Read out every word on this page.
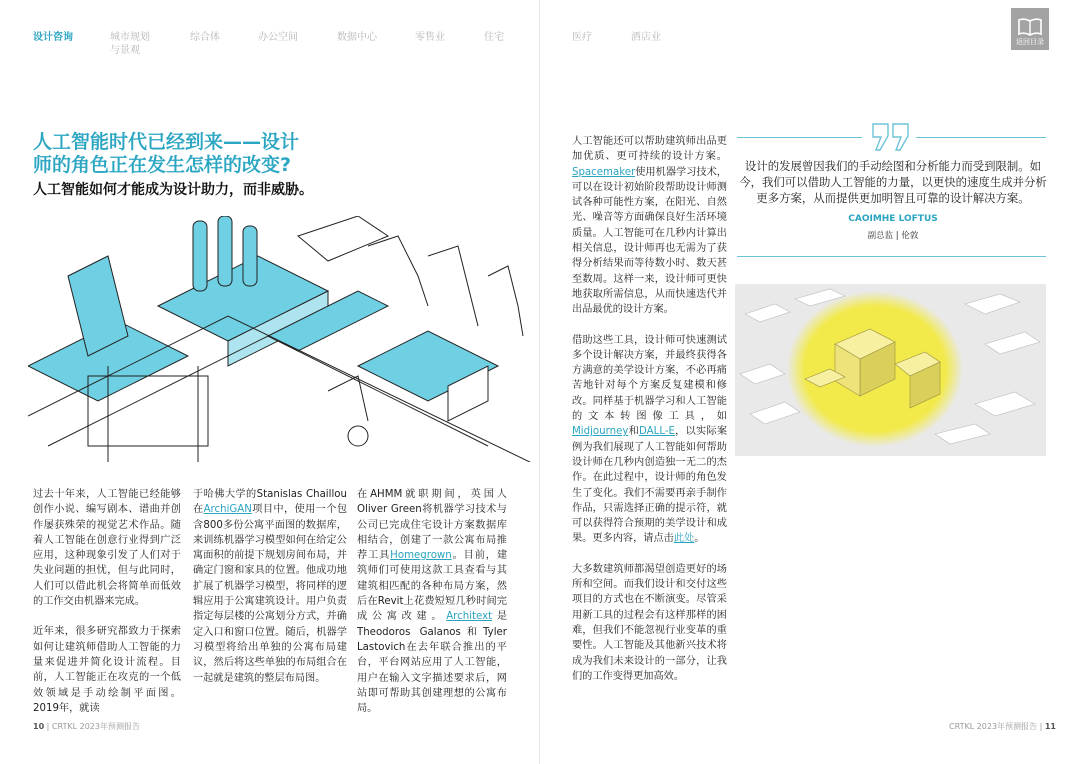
设计咨询	城市规划与景观
综合体	办公空间	数据中心	零售业	住宅	医疗	酒店业	返回目录
人工智能时代已经到来——设计师的角色正在发生怎样的改变?
人工智能如何才能成为设计助力，而非威胁。

过去十年来，人工智能已经能够创作小说、编写剧本、谱曲并创作屡获殊荣的视觉艺术作品。随着人工智能在创意行业得到广泛应用，这种现象引发了人们对于失业问题的担忧，但与此同时，人们可以借此机会将简单而低效的工作交由机器来完成。

近年来，很多研究都致力于探索如何让建筑师借助人工智能的力量来促进并简化设计流程。目前，人工智能正在攻克的一个低效领域是手动绘制平面图。2019年，就读

于哈佛大学的Stanislas Chaillou在ArchiGAN项目中，使用一个包含800多份公寓平面图的数据库，来训练机器学习模型如何在给定公寓面积的前提下规划房间布局，并确定门窗和家具的位置。他成功地扩展了机器学习模型，将同样的逻辑应用于公寓建筑设计。用户负责指定每层楼的公寓划分方式，并确定入口和窗口位置。随后，机器学习模型将给出单独的公寓布局建议，然后将这些单独的布局组合在一起就是建筑的整层布局图。

在AHMM就职期间，英国人Oliver Green将机器学习技术与公司已完成住宅设计方案数据库相结合，创建了一款公寓布局推荐工具Homegrown。目前，建筑师们可使用这款工具查看与其建筑相匹配的各种布局方案，然后在Revit上花费短短几秒时间完成公寓改建。Architext是Theodoros Galanos和Tyler Lastovich在去年联合推出的平台，平台网站应用了人工智能，用户在输入文字描述要求后，网站即可帮助其创建理想的公寓布局。

人工智能还可以帮助建筑师出品更加优质、更可持续的设计方案。Spacemaker使用机器学习技术，可以在设计初始阶段帮助设计师测试各种可能性方案，在阳光、自然光、噪音等方面确保良好生活环境质量。人工智能可在几秒内计算出相关信息，设计师再也无需为了获得分析结果而等待数小时、数天甚至数周。这样一来，设计师可更快地获取所需信息，从而快速迭代并出品最优的设计方案。

借助这些工具，设计师可快速测试多个设计解决方案，并最终获得各方满意的美学设计方案，不必再痛苦地针对每个方案反复建模和修改。同样基于机器学习和人工智能的文本转图像工具，如Midjourney和DALL-E，以实际案例为我们展现了人工智能如何帮助设计师在几秒内创造独一无二的杰作。在此过程中，设计师的角色发生了变化。我们不需要再亲手制作作品，只需选择正确的提示符，就可以获得符合预期的美学设计和成果。更多内容，请点击此处。

大多数建筑师都渴望创造更好的场所和空间。而我们设计和交付这些项目的方式也在不断演变。尽管采用新工具的过程会有这样那样的困难，但我们不能忽视行业变革的重要性。人工智能及其他新兴技术将成为我们未来设计的一部分，让我们的工作变得更加高效。

设计的发展曾因我们的手动绘图和分析能力而受到限制。如今，我们可以借助人工智能的力量，以更快的速度生成并分析更多方案，从而提供更加明智且可靠的设计解决方案。
CAOIMHE LOFTUS
副总监 | 伦敦
10 | CRTKL 2023年预测报告	CRTKL 2023年预测报告 | 11
